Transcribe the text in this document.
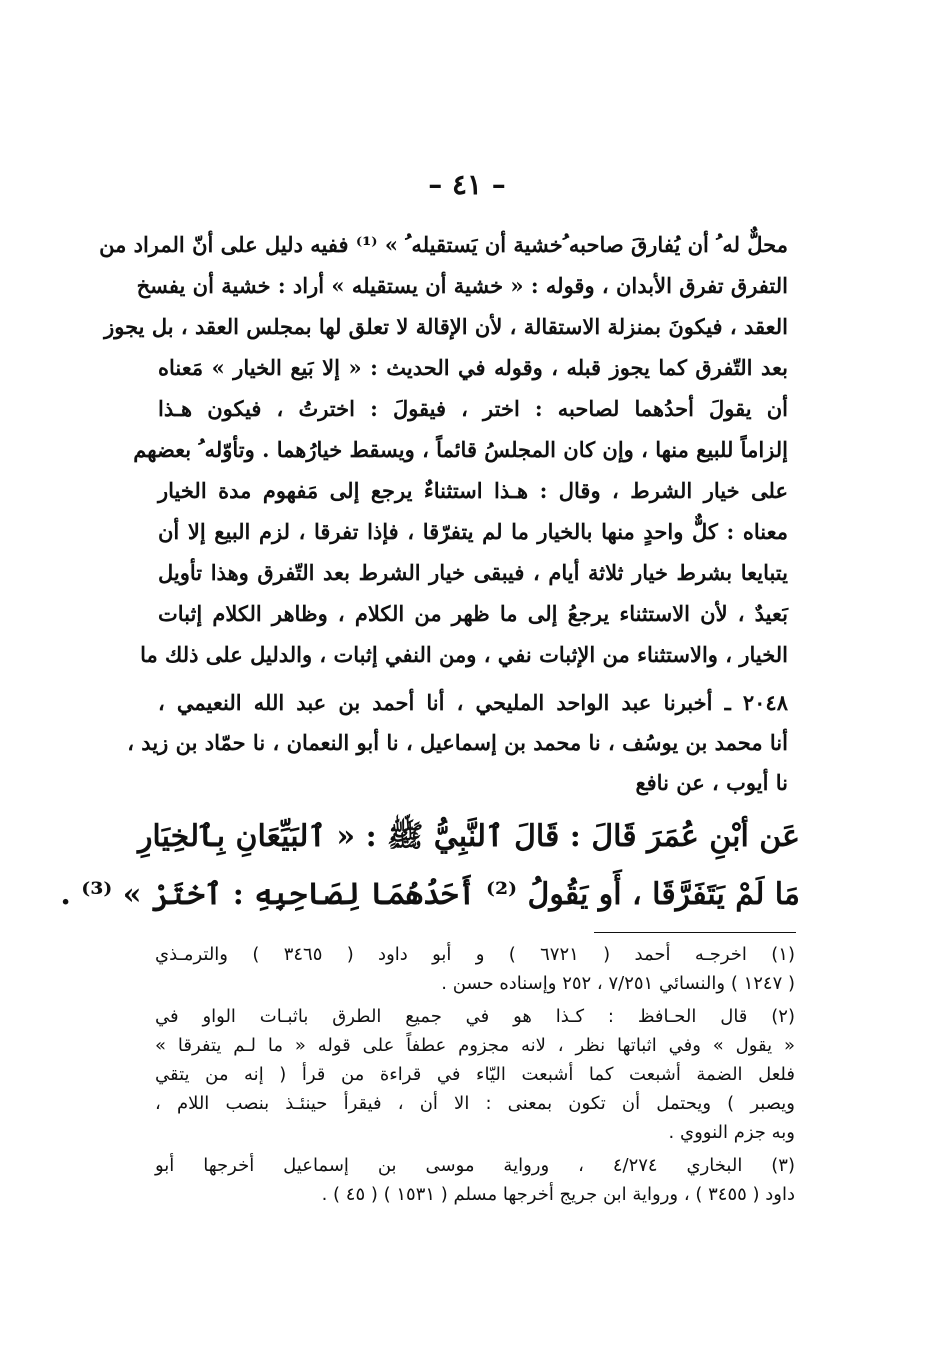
– ٤١ –
محلٌّ له ُ أن يُفارقَ صاحبه ُخشية أن يَستقيله ُ » ⁽¹⁾ ففيه دليل على أنّ المراد من
التفرق تفرق الأبدان ، وقوله : « خشية أن يستقيله » أراد : خشية أن يفسخ
العقد ، فيكونَ بمنزلة الاستقالة ، لأن الإقالة لا تعلق لها بمجلس العقد ، بل يجوز
بعد التّفرق كما يجوز قبله ، وقوله في الحديث : « إلا بَيع الخيار » مَعناه
أن يقولَ أحدُهما لصاحبه : اختر ، فيقولَ : اخترتُ ، فيكون هـذا
إلزاماً للبيع منها ، وإن كان المجلسُ قائماً ، ويسقط خيارُهما . وتأوّله ُ بعضهم
على خيار الشرط ، وقال : هـذا استثناءٌ يرجع إلى مَفهوم مدة الخيار
معناه : كلٌّ واحدٍ منها بالخيار ما لم يتفرّقا ، فإذا تفرقا ، لزم البيع إلا أن
يتبايعا بشرط خيار ثلاثة أيام ، فيبقى خيار الشرط بعد التّفرق وهذا تأويل
بَعيدٌ ، لأن الاستثناء يرجعُ إلى ما ظهر من الكلام ، وظاهر الكلام إثبات
الخيار ، والاستثناء من الإثبات نفي ، ومن النفي إثبات ، والدليل على ذلك ما
٢٠٤٨ ـ أخبرنا عبد الواحد المليحي ، أنا أحمد بن عبد الله النعيمي ،
أنا محمد بن يوسُف ، نا محمد بن إسماعيل ، نا أبو النعمان ، نا حمّاد بن زيد ،
نا أيوب ، عن نافع
عَن أبْنِ عُمَرَ قَالَ : قَالَ ٱلنَّبِيُّ ﷺ : « ٱلبَيِّعَانِ بِٱلخِيَارِ
مَا لَمْ يَتَفَرَّقَا ، أَو يَقُولُ ⁽²⁾ أَحَدُهُمَا لِصَاحِبِهِ : ٱختَرْ » ⁽³⁾ .
(١) اخرجـه أحمد ( ٦٧٢١ ) و أبو داود ( ٣٤٦٥ ) والترمـذي
( ١٢٤٧ ) والنسائي ٧/٢٥١ ، ٢٥٢ وإسناده حسن .
(٢) قال الحـافظ : كـذا هو في جميع الطرق باثبـات الواو في
« يقول » وفي اثباتها نظر ، لانه مجزوم عطفاً على قوله « ما لـم يتفرقا »
فلعل الضمة أشبعت كما أشبعت اليّاء في قراءة من قرأ ( إنه من يتقي
ويصبر ) ويحتمل أن تكون بمعنى : الا أن ، فيقرأ حينئـذ بنصب اللام ،
وبه جزم النووي .
(٣) البخاري ٤/٢٧٤ ، ورواية موسى بن إسماعيل أخرجها أبو
داود ( ٣٤٥٥ ) ، ورواية ابن جريج أخرجها مسلم ( ١٥٣١ ) ( ٤٥ ) .
